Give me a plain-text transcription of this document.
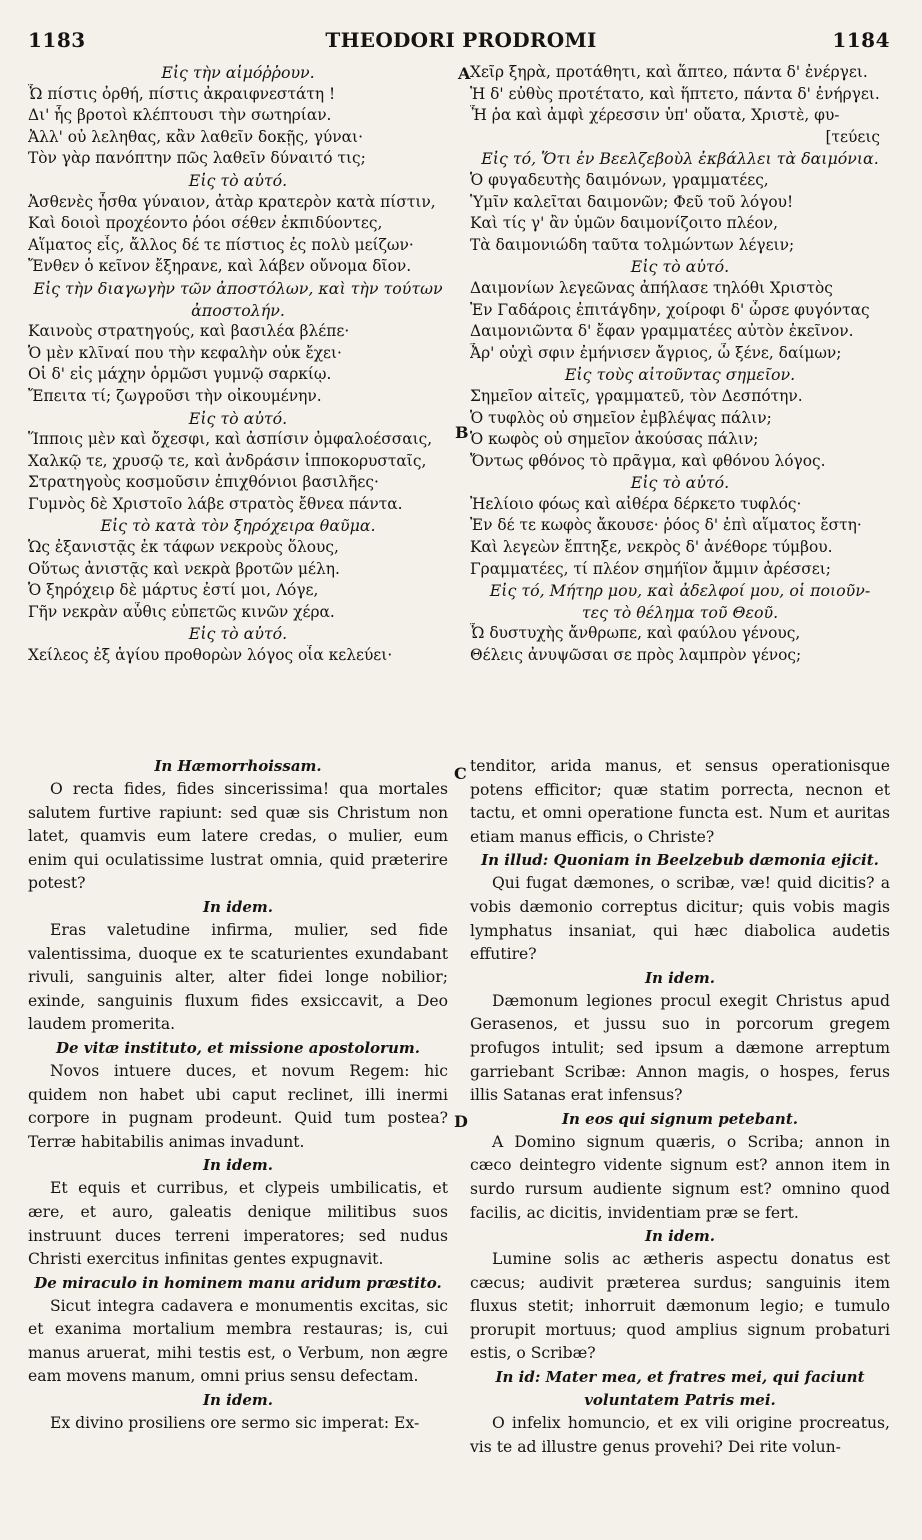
1183	THEODORI PRODROMI	1184
A
B
C
D
Εἰς τὴν αἱμόῤῥουν.
Ὦ πίστις ὀρθή, πίστις ἀκραιφνεστάτη !
Δι' ἧς βροτοὶ κλέπτουσι τὴν σωτηρίαν.
Ἀλλ' οὐ λεληθας, κἂν λαθεῖν δοκῇς, γύναι·
Τὸν γὰρ πανόπτην πῶς λαθεῖν δύναιτό τις;
Εἰς τὸ αὐτό.
Ἀσθενὲς ἦσθα γύναιον, ἀτὰρ κρατερὸν κατὰ πίστιν,
Καὶ δοιοὶ προχέοντο ῥόοι σέθεν ἐκπιδύοντες,
Αἵματος εἷς, ἄλλος δέ τε πίστιος ἐς πολὺ μείζων·
Ἔνθεν ὁ κεῖνον ἔξηρανε, καὶ λάβεν οὔνομα δῖον.
Εἰς τὴν διαγωγὴν τῶν ἀποστόλων, καὶ τὴν τούτων
ἀποστολήν.
Καινοὺς στρατηγούς, καὶ βασιλέα βλέπε·
Ὁ μὲν κλῖναί που τὴν κεφαλὴν οὐκ ἔχει·
Οἱ δ' εἰς μάχην ὁρμῶσι γυμνῷ σαρκίῳ.
Ἔπειτα τί; ζωγροῦσι τὴν οἰκουμένην.
Εἰς τὸ αὐτό.
Ἵπποις μὲν καὶ ὄχεσφι, καὶ ἀσπίσιν ὀμφαλοέσσαις,
Χαλκῷ τε, χρυσῷ τε, καὶ ἀνδράσιν ἱπποκορυσταῖς,
Στρατηγοὺς κοσμοῦσιν ἐπιχθόνιοι βασιλῆες·
Γυμνὸς δὲ Χριστοῖο λάβε στρατὸς ἔθνεα πάντα.
Εἰς τὸ κατὰ τὸν ξηρόχειρα θαῦμα.
Ὡς ἐξανιστᾷς ἐκ τάφων νεκροὺς ὅλους,
Οὕτως ἀνιστᾷς καὶ νεκρὰ βροτῶν μέλη.
Ὁ ξηρόχειρ δὲ μάρτυς ἐστί μοι, Λόγε,
Γῆν νεκρὰν αὖθις εὐπετῶς κινῶν χέρα.
Εἰς τὸ αὐτό.
Χείλεος ἐξ ἁγίου προθορὼν λόγος οἷα κελεύει·
Χεῖρ ξηρὰ, προτάθητι, καὶ ἅπτεο, πάντα δ' ἐνέργει.
Ἡ δ' εὐθὺς προτέτατο, καὶ ἥπτετο, πάντα δ' ἐνήργει.
Ἦ ῥα καὶ ἀμφὶ χέρεσσιν ὑπ' οὔατα, Χριστὲ, φυ-
[τεύεις
Εἰς τό, Ὅτι ἐν Βεελζεβοὺλ ἐκβάλλει τὰ δαιμόνια.
Ὁ φυγαδευτὴς δαιμόνων, γραμματέες,
Ὑμῖν καλεῖται δαιμονῶν; Φεῦ τοῦ λόγου!
Καὶ τίς γ' ἂν ὑμῶν δαιμονίζοιτο πλέον,
Τὰ δαιμονιώδη ταῦτα τολμώντων λέγειν;
Εἰς τὸ αὐτό.
Δαιμονίων λεγεῶνας ἀπήλασε τηλόθι Χριστὸς
Ἐν Γαδάροις ἐπιτάγδην, χοίροφι δ' ὦρσε φυγόντας
Δαιμονιῶντα δ' ἔφαν γραμματέες αὐτὸν ἐκεῖνον.
Ἆρ' οὐχὶ σφιν ἐμήνισεν ἄγριος, ὦ ξένε, δαίμων;
Εἰς τοὺς αἰτοῦντας σημεῖον.
Σημεῖον αἰτεῖς, γραμματεῦ, τὸν Δεσπότην.
Ὁ τυφλὸς οὐ σημεῖον ἐμβλέψας πάλιν;
Ὁ κωφὸς οὐ σημεῖον ἀκούσας πάλιν;
Ὄντως φθόνος τὸ πρᾶγμα, καὶ φθόνου λόγος.
Εἰς τὸ αὐτό.
Ἠελίοιο φόως καὶ αἰθέρα δέρκετο τυφλός·
Ἐν δέ τε κωφὸς ἄκουσε· ῥόος δ' ἐπὶ αἵματος ἔστη·
Καὶ λεγεὼν ἔπτηξε, νεκρὸς δ' ἀνέθορε τύμβου.
Γραμματέες, τί πλέον σημήϊον ἄμμιν ἀρέσσει;
Εἰς τό, Μήτηρ μου, καὶ ἀδελφοί μου, οἱ ποιοῦν-
τες τὸ θέλημα τοῦ Θεοῦ.
Ὦ δυστυχὴς ἄνθρωπε, καὶ φαύλου γένους,
Θέλεις ἀνυψῶσαι σε πρὸς λαμπρὸν γένος;
In Hæmorrhoissam.

O recta fides, fides sincerissima! qua mortales salutem furtive rapiunt: sed quæ sis Christum non latet, quamvis eum latere credas, o mulier, eum enim qui oculatissime lustrat omnia, quid præterire potest?

In idem.

Eras valetudine infirma, mulier, sed fide valentissima, duoque ex te scaturientes exundabant rivuli, sanguinis alter, alter fidei longe nobilior; exinde, sanguinis fluxum fides exsiccavit, a Deo laudem promerita.

De vitæ instituto, et missione apostolorum.

Novos intuere duces, et novum Regem: hic quidem non habet ubi caput reclinet, illi inermi corpore in pugnam prodeunt. Quid tum postea? Terræ habitabilis animas invadunt.

In idem.

Et equis et curribus, et clypeis umbilicatis, et ære, et auro, galeatis denique militibus suos instruunt duces terreni imperatores; sed nudus Christi exercitus infinitas gentes expugnavit.

De miraculo in hominem manu aridum præstito.

Sicut integra cadavera e monumentis excitas, sic et exanima mortalium membra restauras; is, cui manus aruerat, mihi testis est, o Verbum, non ægre eam movens manum, omni prius sensu defectam.

In idem.

Ex divino prosiliens ore sermo sic imperat: Ex-

tenditor, arida manus, et sensus operationisque potens efficitor; quæ statim porrecta, necnon et tactu, et omni operatione functa est. Num et auritas etiam manus efficis, o Christe?

In illud: Quoniam in Beelzebub dæmonia ejicit.

Qui fugat dæmones, o scribæ, væ! quid dicitis? a vobis dæmonio correptus dicitur; quis vobis magis lymphatus insaniat, qui hæc diabolica audetis effutire?

In idem.

Dæmonum legiones procul exegit Christus apud Gerasenos, et jussu suo in porcorum gregem profugos intulit; sed ipsum a dæmone arreptum garriebant Scribæ: Annon magis, o hospes, ferus illis Satanas erat infensus?

In eos qui signum petebant.

A Domino signum quæris, o Scriba; annon in cæco deintegro vidente signum est? annon item in surdo rursum audiente signum est? omnino quod facilis, ac dicitis, invidentiam præ se fert.

In idem.

Lumine solis ac ætheris aspectu donatus est cæcus; audivit præterea surdus; sanguinis item fluxus stetit; inhorruit dæmonum legio; e tumulo prorupit mortuus; quod amplius signum probaturi estis, o Scribæ?

In id: Mater mea, et fratres mei, qui faciunt voluntatem Patris mei.

O infelix homuncio, et ex vili origine procreatus, vis te ad illustre genus provehi? Dei rite volun-
